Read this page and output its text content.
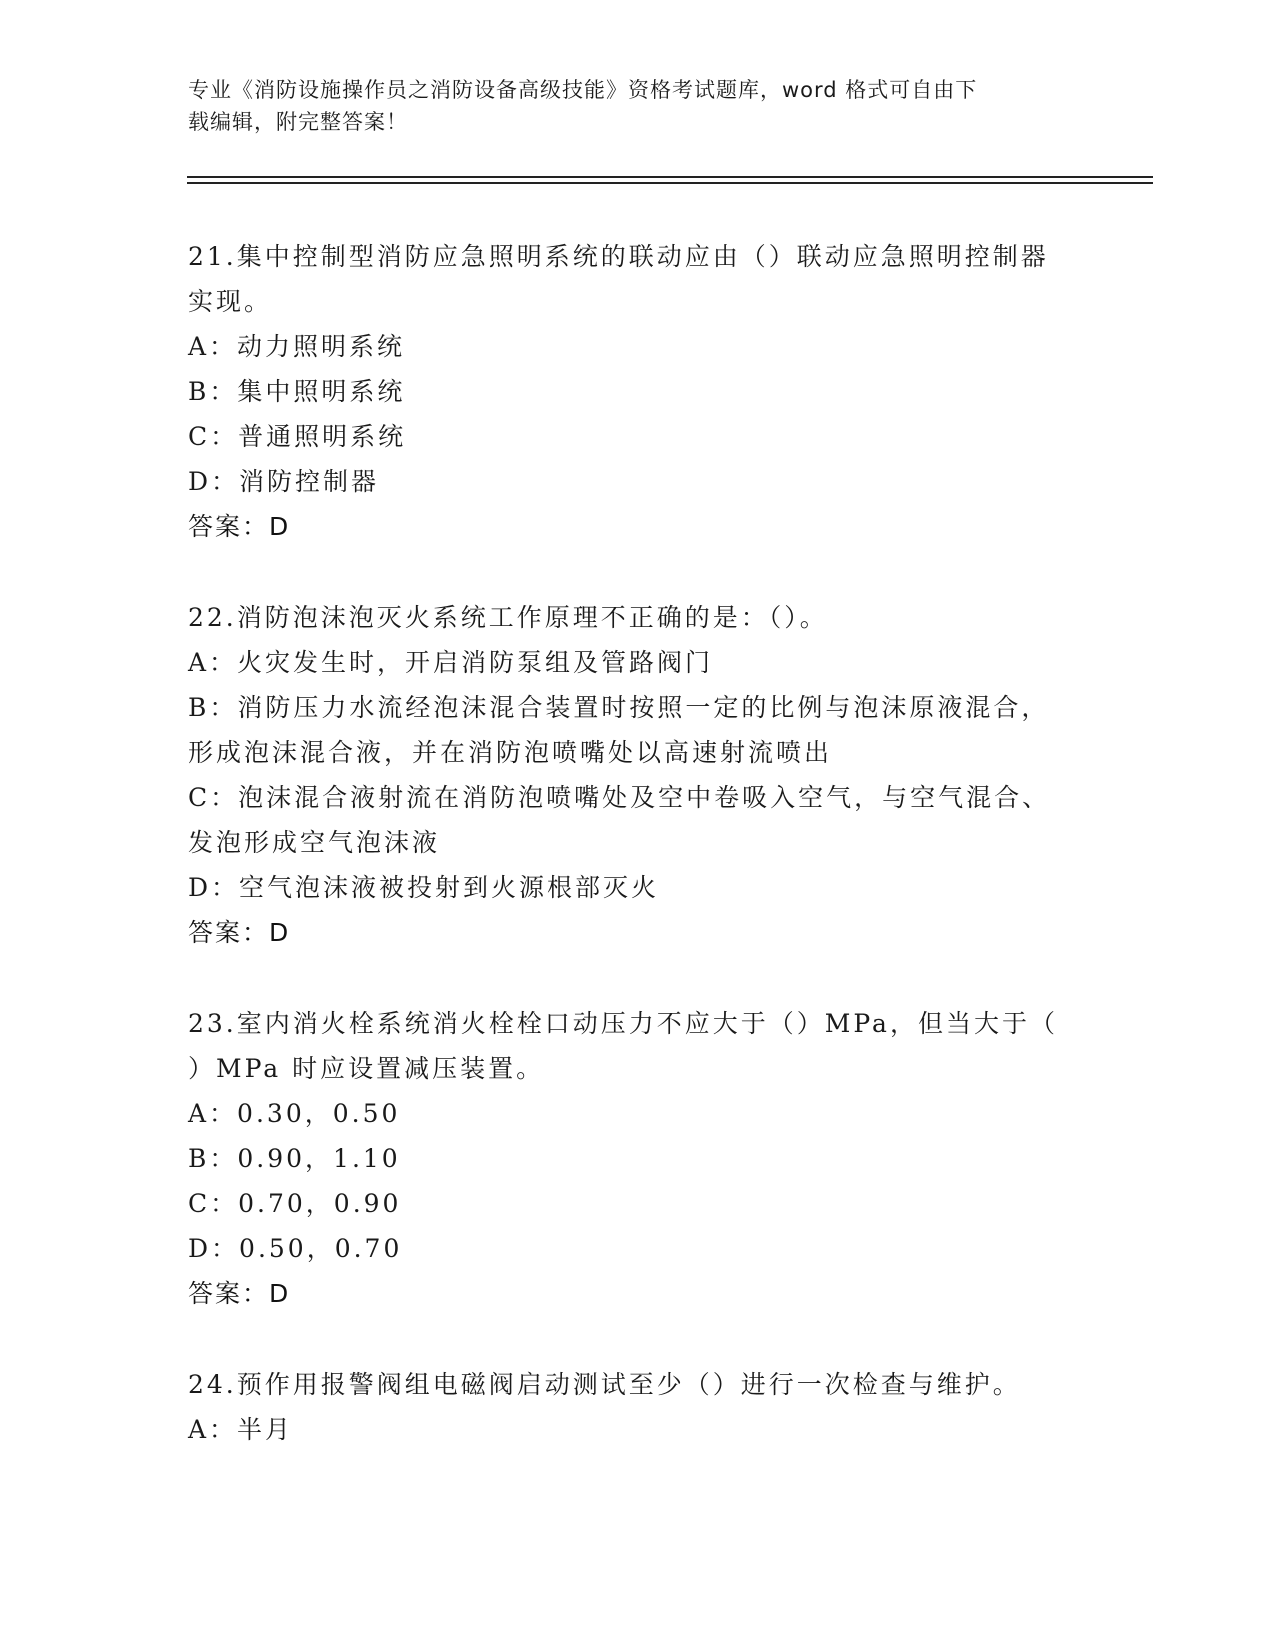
专业《消防设施操作员之消防设备高级技能》资格考试题库，word 格式可自由下
载编辑，附完整答案！
21.集中控制型消防应急照明系统的联动应由（）联动应急照明控制器
实现。
A：动力照明系统
B：集中照明系统
C：普通照明系统
D：消防控制器
答案：D
22.消防泡沫泡灭火系统工作原理不正确的是：（）。
A：火灾发生时，开启消防泵组及管路阀门
B：消防压力水流经泡沫混合装置时按照一定的比例与泡沫原液混合，
形成泡沫混合液，并在消防泡喷嘴处以高速射流喷出
C：泡沫混合液射流在消防泡喷嘴处及空中卷吸入空气，与空气混合、
发泡形成空气泡沫液
D：空气泡沫液被投射到火源根部灭火
答案：D
23.室内消火栓系统消火栓栓口动压力不应大于（）MPa，但当大于（
）MPa 时应设置减压装置。
A：0.30，0.50
B：0.90，1.10
C：0.70，0.90
D：0.50，0.70
答案：D
24.预作用报警阀组电磁阀启动测试至少（）进行一次检查与维护。
A：半月
